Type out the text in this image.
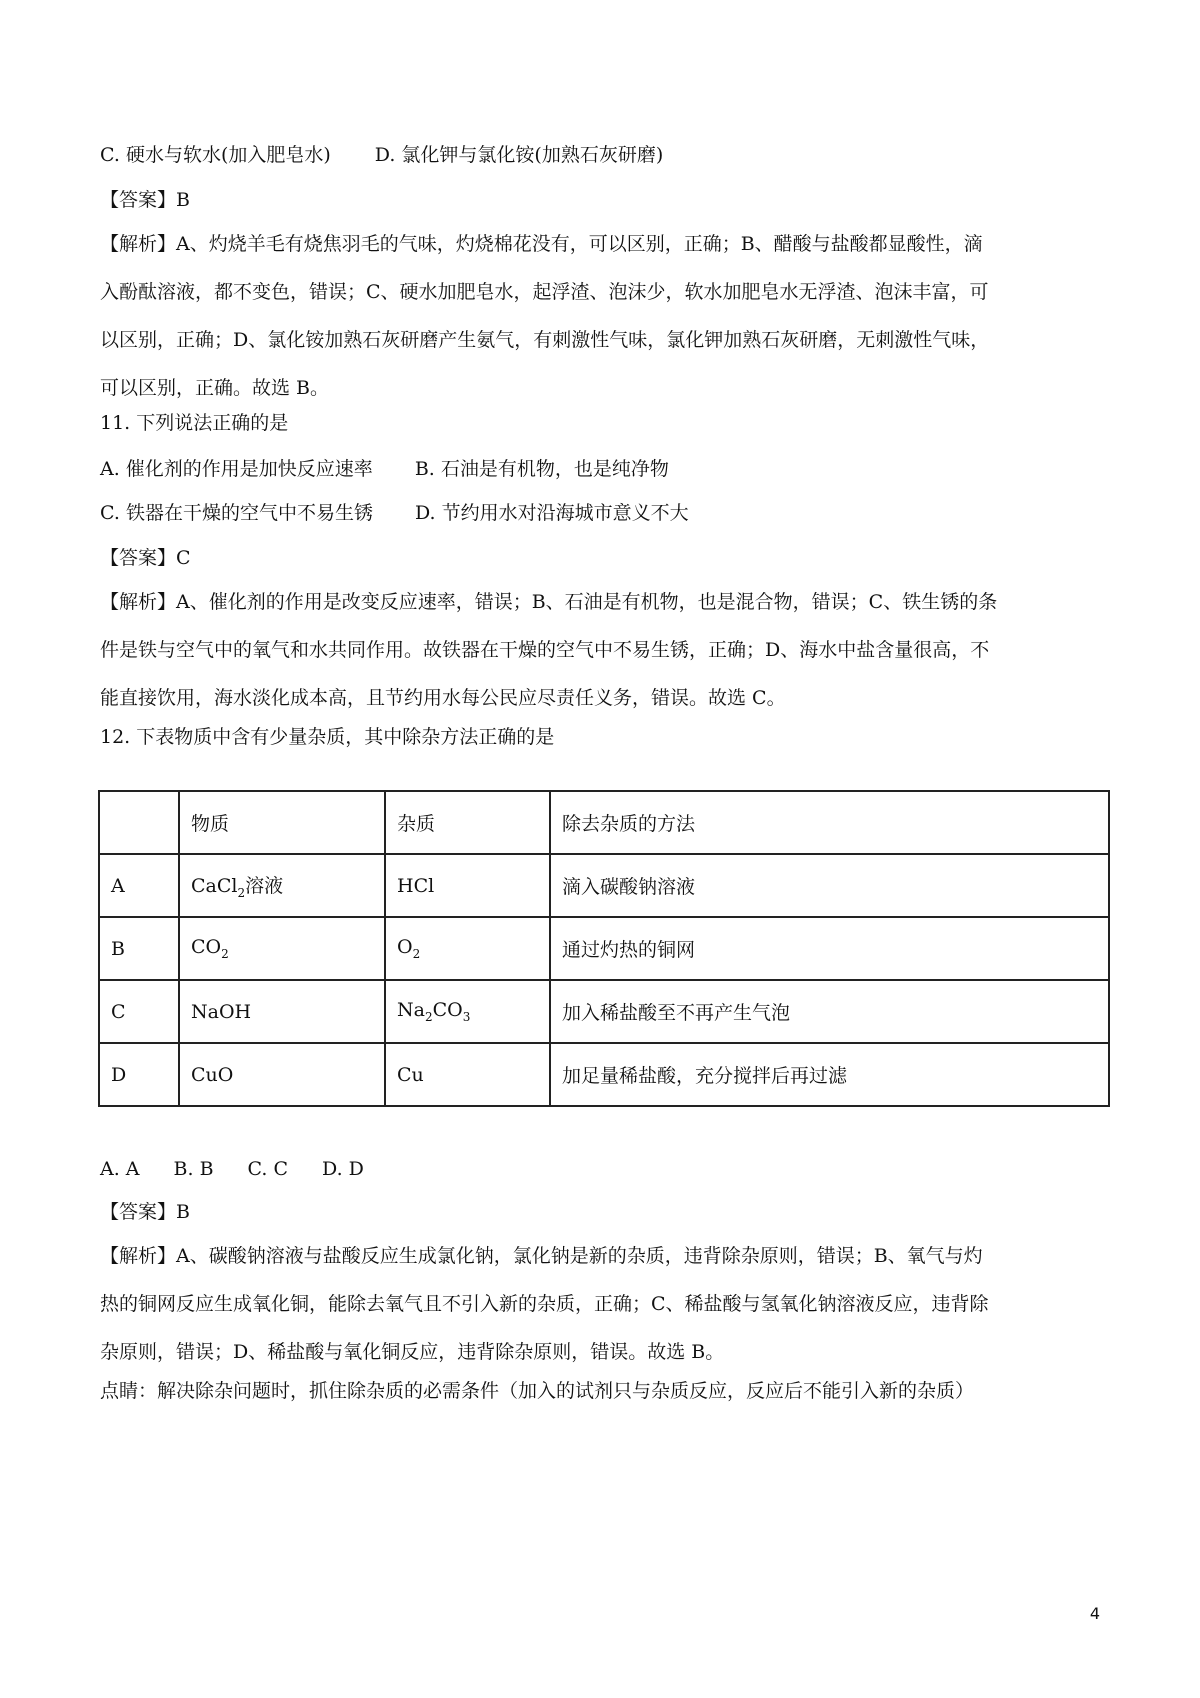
C. 硬水与软水(加入肥皂水) D. 氯化钾与氯化铵(加熟石灰研磨)
【答案】B
【解析】A、灼烧羊毛有烧焦羽毛的气味，灼烧棉花没有，可以区别，正确；B、醋酸与盐酸都显酸性，滴
入酚酞溶液，都不变色，错误；C、硬水加肥皂水，起浮渣、泡沫少，软水加肥皂水无浮渣、泡沫丰富，可
以区别，正确；D、氯化铵加熟石灰研磨产生氨气，有刺激性气味，氯化钾加熟石灰研磨，无刺激性气味，
可以区别，正确。故选 B。
11. 下列说法正确的是
A. 催化剂的作用是加快反应速率 B. 石油是有机物，也是纯净物
C. 铁器在干燥的空气中不易生锈 D. 节约用水对沿海城市意义不大
【答案】C
【解析】A、催化剂的作用是改变反应速率，错误；B、石油是有机物，也是混合物，错误；C、铁生锈的条
件是铁与空气中的氧气和水共同作用。故铁器在干燥的空气中不易生锈，正确；D、海水中盐含量很高，不
能直接饮用，海水淡化成本高，且节约用水每公民应尽责任义务，错误。故选 C。
12. 下表物质中含有少量杂质，其中除杂方法正确的是
	物质	杂质	除去杂质的方法
A	CaCl$_2$溶液	HCl	滴入碳酸钠溶液
B	$CO_2$	$O_2$	通过灼热的铜网
C	NaOH	$Na_2CO_3$	加入稀盐酸至不再产生气泡
D	CuO	Cu	加足量稀盐酸，充分搅拌后再过滤
A. A B. B C. C D. D
【答案】B
【解析】A、碳酸钠溶液与盐酸反应生成氯化钠，氯化钠是新的杂质，违背除杂原则，错误；B、氧气与灼
热的铜网反应生成氧化铜，能除去氧气且不引入新的杂质，正确；C、稀盐酸与氢氧化钠溶液反应，违背除
杂原则，错误；D、稀盐酸与氧化铜反应，违背除杂原则，错误。故选 B。
点睛：解决除杂问题时，抓住除杂质的必需条件（加入的试剂只与杂质反应，反应后不能引入新的杂质）
4
